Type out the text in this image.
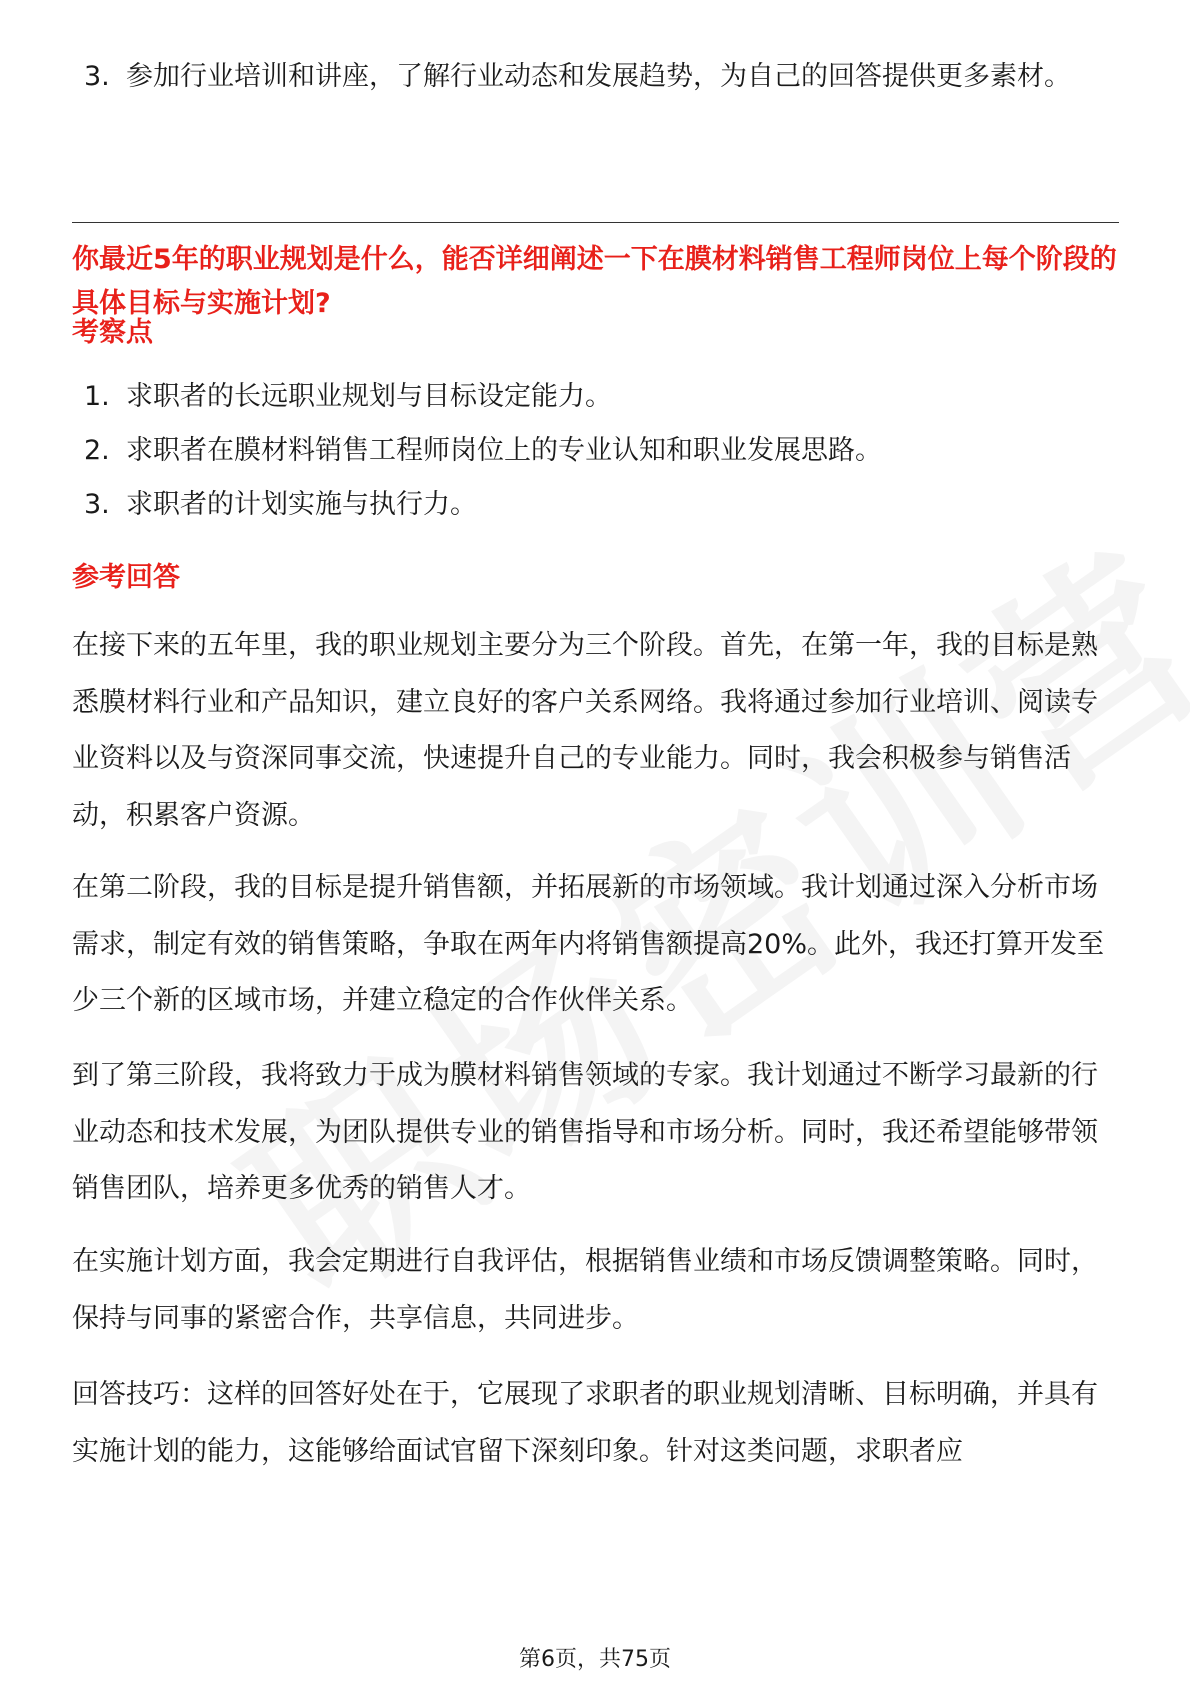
3. 参加行业培训和讲座，了解行业动态和发展趋势，为自己的回答提供更多素材。
你最近5年的职业规划是什么，能否详细阐述一下在膜材料销售工程师岗位上每个阶段的具体目标与实施计划?
考察点
1. 求职者的长远职业规划与目标设定能力。
2. 求职者在膜材料销售工程师岗位上的专业认知和职业发展思路。
3. 求职者的计划实施与执行力。
参考回答
在接下来的五年里，我的职业规划主要分为三个阶段。首先，在第一年，我的目标是熟悉膜材料行业和产品知识，建立良好的客户关系网络。我将通过参加行业培训、阅读专业资料以及与资深同事交流，快速提升自己的专业能力。同时，我会积极参与销售活动，积累客户资源。
在第二阶段，我的目标是提升销售额，并拓展新的市场领域。我计划通过深入分析市场需求，制定有效的销售策略，争取在两年内将销售额提高20%。此外，我还打算开发至少三个新的区域市场，并建立稳定的合作伙伴关系。
到了第三阶段，我将致力于成为膜材料销售领域的专家。我计划通过不断学习最新的行业动态和技术发展，为团队提供专业的销售指导和市场分析。同时，我还希望能够带领销售团队，培养更多优秀的销售人才。
在实施计划方面，我会定期进行自我评估，根据销售业绩和市场反馈调整策略。同时，保持与同事的紧密合作，共享信息，共同进步。
回答技巧：这样的回答好处在于，它展现了求职者的职业规划清晰、目标明确，并具有实施计划的能力，这能够给面试官留下深刻印象。针对这类问题，求职者应
第6页，共75页
